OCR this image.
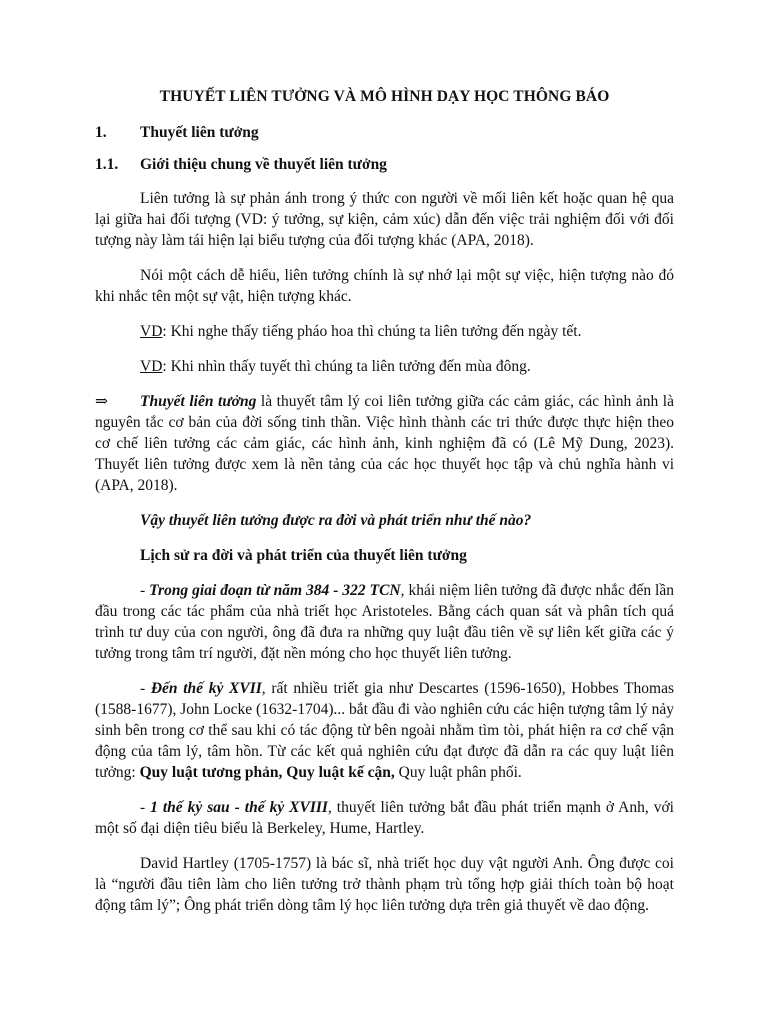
THUYẾT LIÊN TƯỞNG VÀ MÔ HÌNH DẠY HỌC THÔNG BÁO
1.	Thuyết liên tưởng
1.1.	Giới thiệu chung về thuyết liên tưởng

Liên tưởng là sự phản ánh trong ý thức con người về mối liên kết hoặc quan hệ qua lại giữa hai đối tượng (VD: ý tưởng, sự kiện, cảm xúc) dẫn đến việc trải nghiệm đối với đối tượng này làm tái hiện lại biểu tượng của đối tượng khác (APA, 2018).

Nói một cách dễ hiểu, liên tưởng chính là sự nhớ lại một sự việc, hiện tượng nào đó khi nhắc tên một sự vật, hiện tượng khác.

VD: Khi nghe thấy tiếng pháo hoa thì chúng ta liên tưởng đến ngày tết.

VD: Khi nhìn thấy tuyết thì chúng ta liên tưởng đến mùa đông.

⇒ Thuyết liên tưởng là thuyết tâm lý coi liên tưởng giữa các cảm giác, các hình ảnh là nguyên tắc cơ bản của đời sống tinh thần. Việc hình thành các tri thức được thực hiện theo cơ chế liên tưởng các cảm giác, các hình ảnh, kinh nghiệm đã có (Lê Mỹ Dung, 2023). Thuyết liên tưởng được xem là nền tảng của các học thuyết học tập và chủ nghĩa hành vi (APA, 2018).

Vậy thuyết liên tưởng được ra đời và phát triển như thế nào?

Lịch sử ra đời và phát triển của thuyết liên tưởng

- Trong giai đoạn từ năm 384 - 322 TCN, khái niệm liên tưởng đã được nhắc đến lần đầu trong các tác phẩm của nhà triết học Aristoteles. Bằng cách quan sát và phân tích quá trình tư duy của con người, ông đã đưa ra những quy luật đầu tiên về sự liên kết giữa các ý tưởng trong tâm trí người, đặt nền móng cho học thuyết liên tưởng.

- Đến thế kỷ XVII, rất nhiều triết gia như Descartes (1596-1650), Hobbes Thomas (1588-1677), John Locke (1632-1704)... bắt đầu đi vào nghiên cứu các hiện tượng tâm lý nảy sinh bên trong cơ thể sau khi có tác động từ bên ngoài nhằm tìm tòi, phát hiện ra cơ chế vận động của tâm lý, tâm hồn. Từ các kết quả nghiên cứu đạt được đã dẫn ra các quy luật liên tưởng: Quy luật tương phản, Quy luật kế cận, Quy luật phân phối.

- 1 thế kỷ sau - thế kỷ XVIII, thuyết liên tưởng bắt đầu phát triển mạnh ở Anh, với một số đại diện tiêu biểu là Berkeley, Hume, Hartley.

David Hartley (1705-1757) là bác sĩ, nhà triết học duy vật người Anh. Ông được coi là “người đầu tiên làm cho liên tưởng trở thành phạm trù tổng hợp giải thích toàn bộ hoạt động tâm lý”; Ông phát triển dòng tâm lý học liên tưởng dựa trên giả thuyết về dao động.
